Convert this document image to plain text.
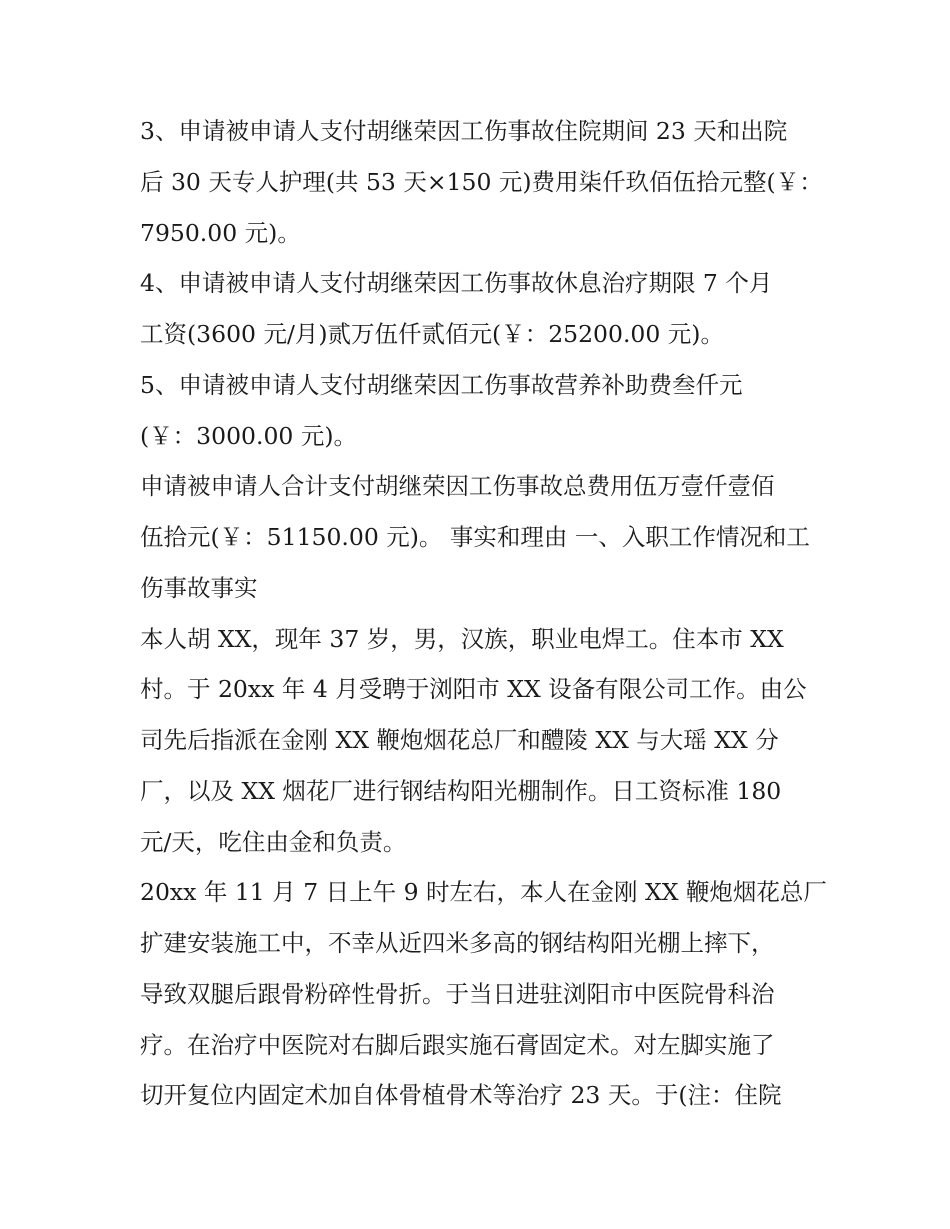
3、申请被申请人支付胡继荣因工伤事故住院期间 23 天和出院
后 30 天专人护理(共 53 天×150 元)费用柒仟玖佰伍拾元整(￥：
7950.00 元)。
4、申请被申请人支付胡继荣因工伤事故休息治疗期限 7 个月
工资(3600 元/月)贰万伍仟贰佰元(￥：25200.00 元)。
5、申请被申请人支付胡继荣因工伤事故营养补助费叁仟元
(￥：3000.00 元)。
申请被申请人合计支付胡继荣因工伤事故总费用伍万壹仟壹佰
伍拾元(￥：51150.00 元)。 事实和理由 一、入职工作情况和工
伤事故事实
本人胡 XX，现年 37 岁，男，汉族，职业电焊工。住本市 XX
村。于 20xx 年 4 月受聘于浏阳市 XX 设备有限公司工作。由公
司先后指派在金刚 XX 鞭炮烟花总厂和醴陵 XX 与大瑶 XX 分
厂，以及 XX 烟花厂进行钢结构阳光棚制作。日工资标准 180
元/天，吃住由金和负责。
20xx 年 11 月 7 日上午 9 时左右，本人在金刚 XX 鞭炮烟花总厂
扩建安装施工中，不幸从近四米多高的钢结构阳光棚上摔下，
导致双腿后跟骨粉碎性骨折。于当日进驻浏阳市中医院骨科治
疗。在治疗中医院对右脚后跟实施石膏固定术。对左脚实施了
切开复位内固定术加自体骨植骨术等治疗 23 天。于(注：住院
